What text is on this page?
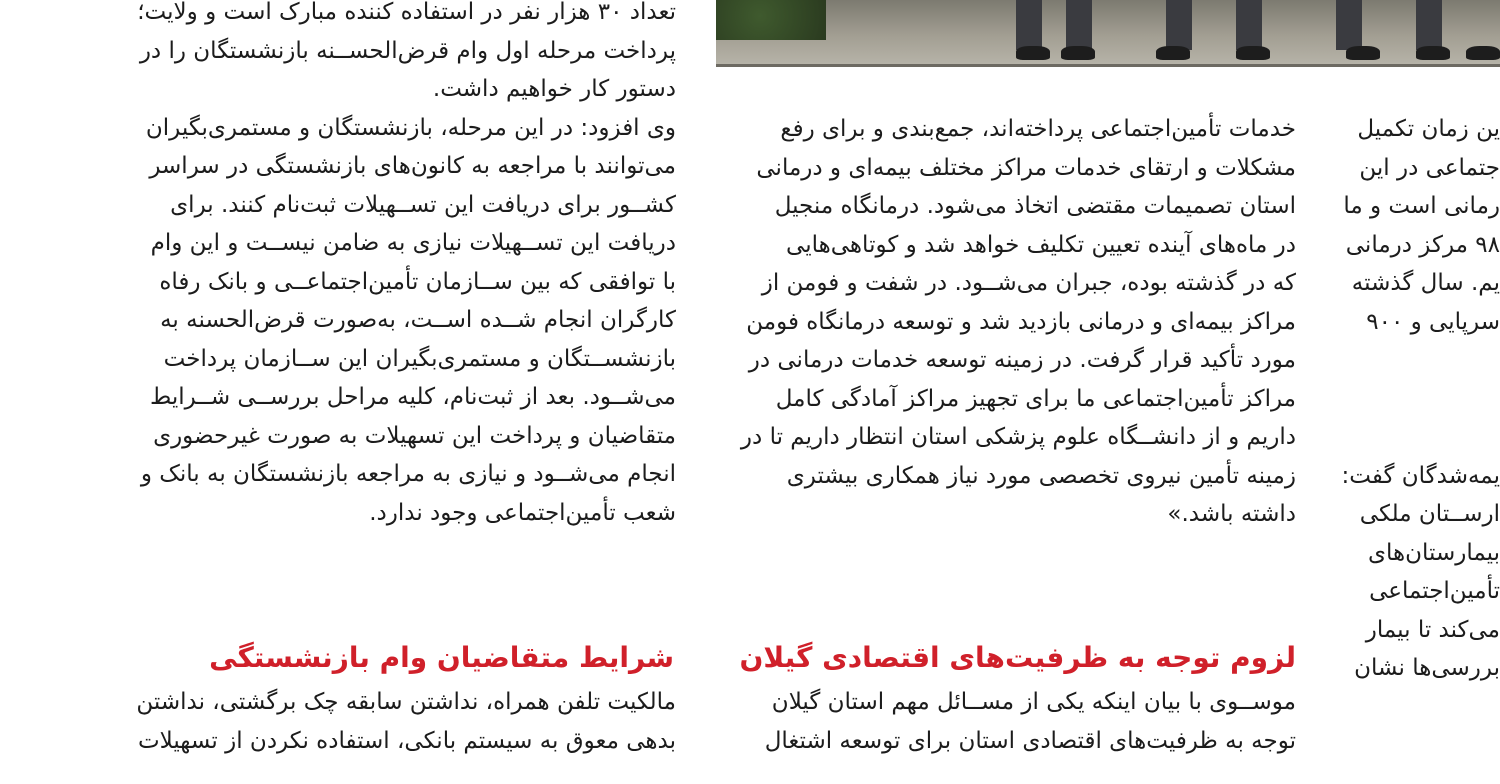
تعداد ۳۰ هزار نفر در استفاده کننده مبارک است و ولایت؛
پرداخت مرحله اول وام قرض‌الحســنه بازنشستگان را در
دستور کار خواهیم داشت.
وی افزود: در این مرحله، بازنشستگان و مستمری‌بگیران
می‌توانند با مراجعه به کانون‌های بازنشستگی در سراسر
کشــور برای دریافت این تســهیلات ثبت‌نام کنند. برای
دریافت این تســهیلات نیازی به ضامن نیســت و این وام
با توافقی که بین ســازمان تأمین‌اجتماعــی و بانک رفاه
کارگران انجام شــده اســت، به‌صورت قرض‌الحسنه به
بازنشســتگان و مستمری‌بگیران این ســازمان پرداخت
می‌شــود. بعد از ثبت‌نام، کلیه مراحل بررســی شــرایط
متقاضیان و پرداخت این تسهیلات به صورت غیرحضوری
انجام می‌شــود و نیازی به مراجعه بازنشستگان به بانک و
شعب تأمین‌اجتماعی وجود ندارد.
شرایط متقاضیان وام بازنشستگی
مالکیت تلفن همراه، نداشتن سابقه چک برگشتی، نداشتن
بدهی معوق به سیستم بانکی، استفاده نکردن از تسهیلات
خدمات تأمین‌اجتماعی پرداخته‌اند، جمع‌بندی و برای رفع
مشکلات و ارتقای خدمات مراکز مختلف بیمه‌ای و درمانی
استان تصمیمات مقتضی اتخاذ می‌شود. درمانگاه منجیل
در ماه‌های آینده تعیین تکلیف خواهد شد و کوتاهی‌هایی
که در گذشته بوده، جبران می‌شــود. در شفت و فومن از
مراکز بیمه‌ای و درمانی بازدید شد و توسعه درمانگاه فومن
مورد تأکید قرار گرفت. در زمینه توسعه خدمات درمانی در
مراکز تأمین‌اجتماعی ما برای تجهیز مراکز آمادگی کامل
داریم و از دانشــگاه علوم پزشکی استان انتظار داریم تا در
زمینه تأمین نیروی تخصصی مورد نیاز همکاری بیشتری
داشته باشد.»
لزوم توجه به ظرفیت‌های اقتصادی گیلان
موســوی با بیان اینکه یکی از مســائل مهم استان گیلان
توجه به ظرفیت‌های اقتصادی استان برای توسعه اشتغال
ین زمان تکمیل
جتماعی در این
رمانی است و ما
۹۸ مرکز درمانی
یم. سال گذشته
سرپایی و ۹۰۰
یمه‌شدگان گفت:
ارســتان ملکی
بیمارستان‌های
تأمین‌اجتماعی
می‌کند تا بیمار
بررسی‌ها نشان
